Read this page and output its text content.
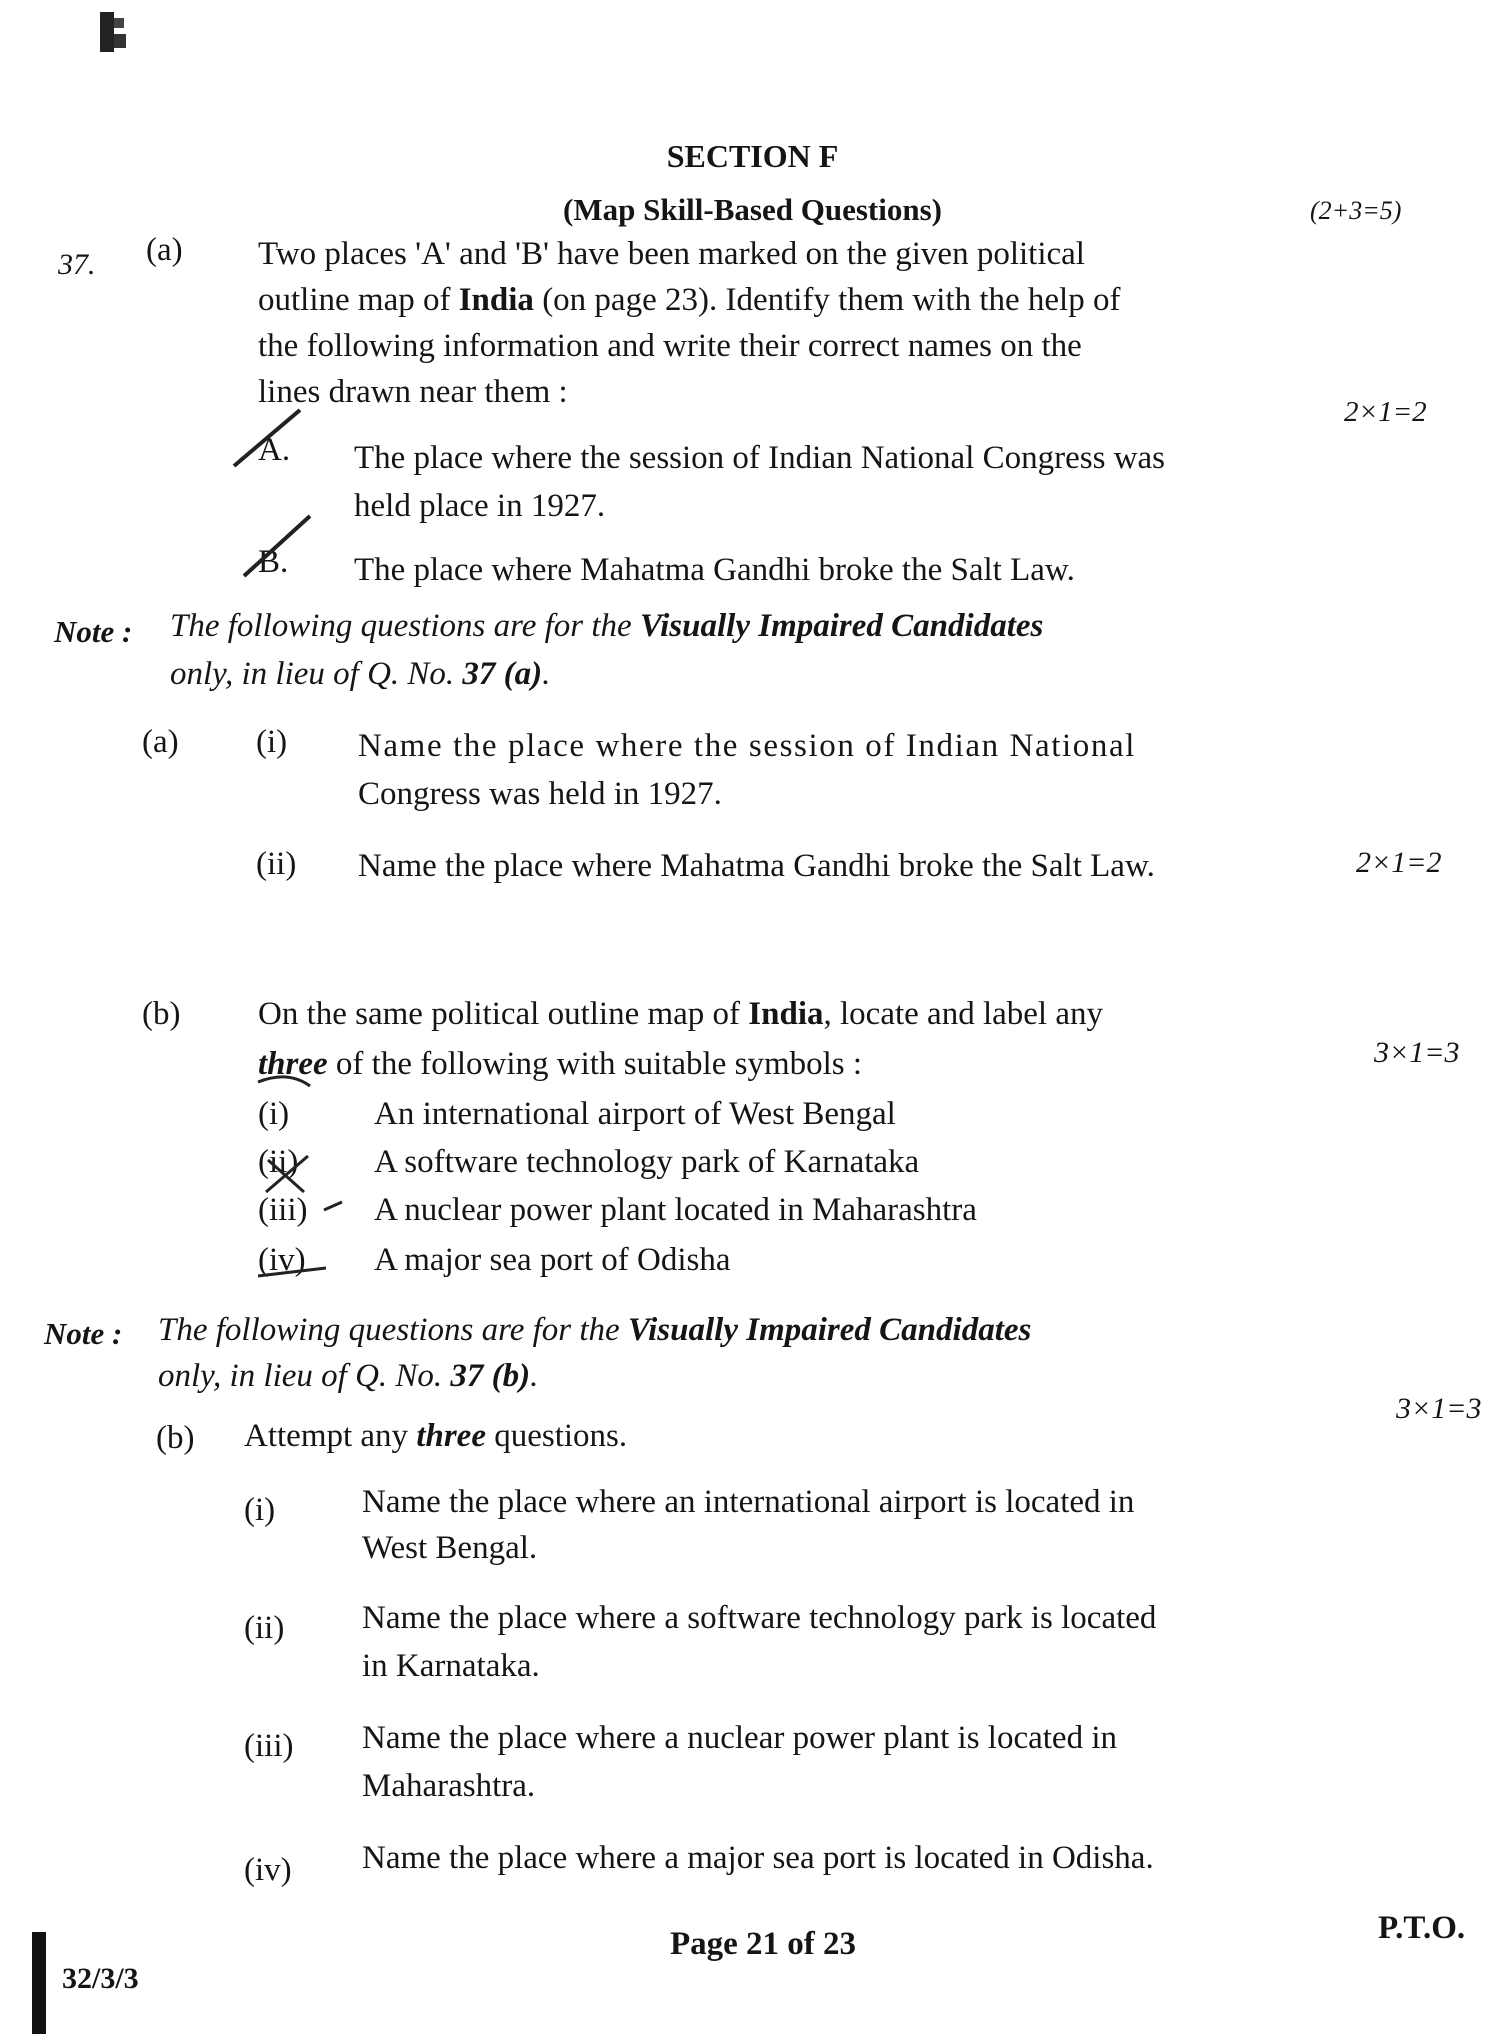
SECTION F
(Map Skill-Based Questions)	(2+3=5)
37. (a) Two places 'A' and 'B' have been marked on the given political
outline map of India (on page 23). Identify them with the help of
the following information and write their correct names on the
lines drawn near them :
2×1=2
A. The place where the session of Indian National Congress was
held place in 1927.
B. The place where Mahatma Gandhi broke the Salt Law.
Note : The following questions are for the Visually Impaired Candidates
only, in lieu of Q. No. 37 (a).
(a) (i) Name the place where the session of Indian National
Congress was held in 1927.
(ii) Name the place where Mahatma Gandhi broke the Salt Law.	2×1=2
(b) On the same political outline map of India, locate and label any
three of the following with suitable symbols :	3×1=3
(i)	An international airport of West Bengal
(ii) A software technology park of Karnataka
(iii) A nuclear power plant located in Maharashtra
(iv) A major sea port of Odisha
Note : The following questions are for the Visually Impaired Candidates
only, in lieu of Q. No. 37 (b).
3×1=3
(b) Attempt any three questions.
(i)	Name the place where an international airport is located in
West Bengal.
(ii) Name the place where a software technology park is located
in Karnataka.
(iii) Name the place where a nuclear power plant is located in
Maharashtra.
(iv) Name the place where a major sea port is located in Odisha.
32/3/3
Page 21 of 23	P.T.O.
